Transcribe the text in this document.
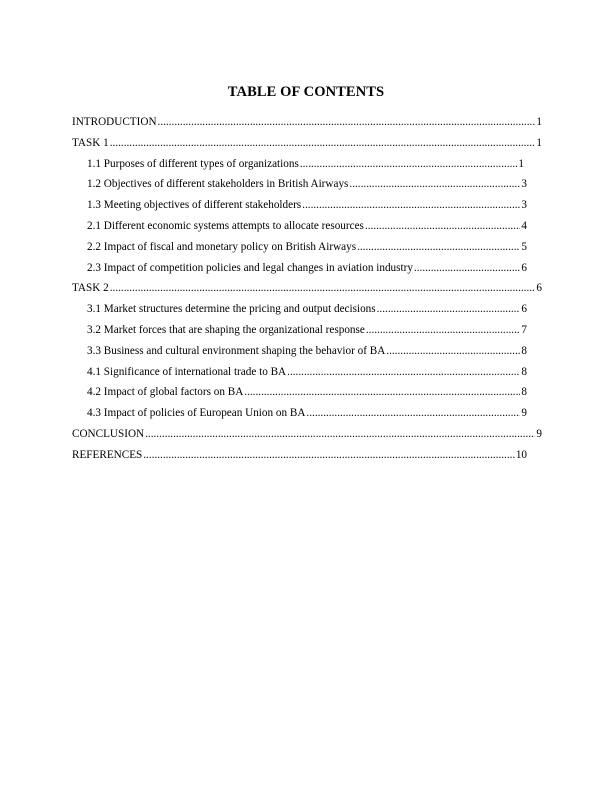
TABLE OF CONTENTS
INTRODUCTION .....	1
TASK 1 .....	1
1.1 Purposes of different types of organizations .....	1
1.2 Objectives of different stakeholders in British Airways .....	3
1.3 Meeting objectives of different stakeholders .....	3
2.1 Different economic systems attempts to allocate resources .....	4
2.2 Impact of fiscal and monetary policy on British Airways .....	5
2.3 Impact of competition policies and legal changes in aviation industry .....	6
TASK 2 .....	6
3.1 Market structures determine the pricing and output decisions .....	6
3.2 Market forces that are shaping the organizational response .....	7
3.3 Business and cultural environment shaping the behavior of BA .....	8
4.1 Significance of international trade to BA .....	8
4.2 Impact of global factors on BA .....	8
4.3 Impact of policies of European Union on BA .....	9
CONCLUSION .....	9
REFERENCES .....	10
